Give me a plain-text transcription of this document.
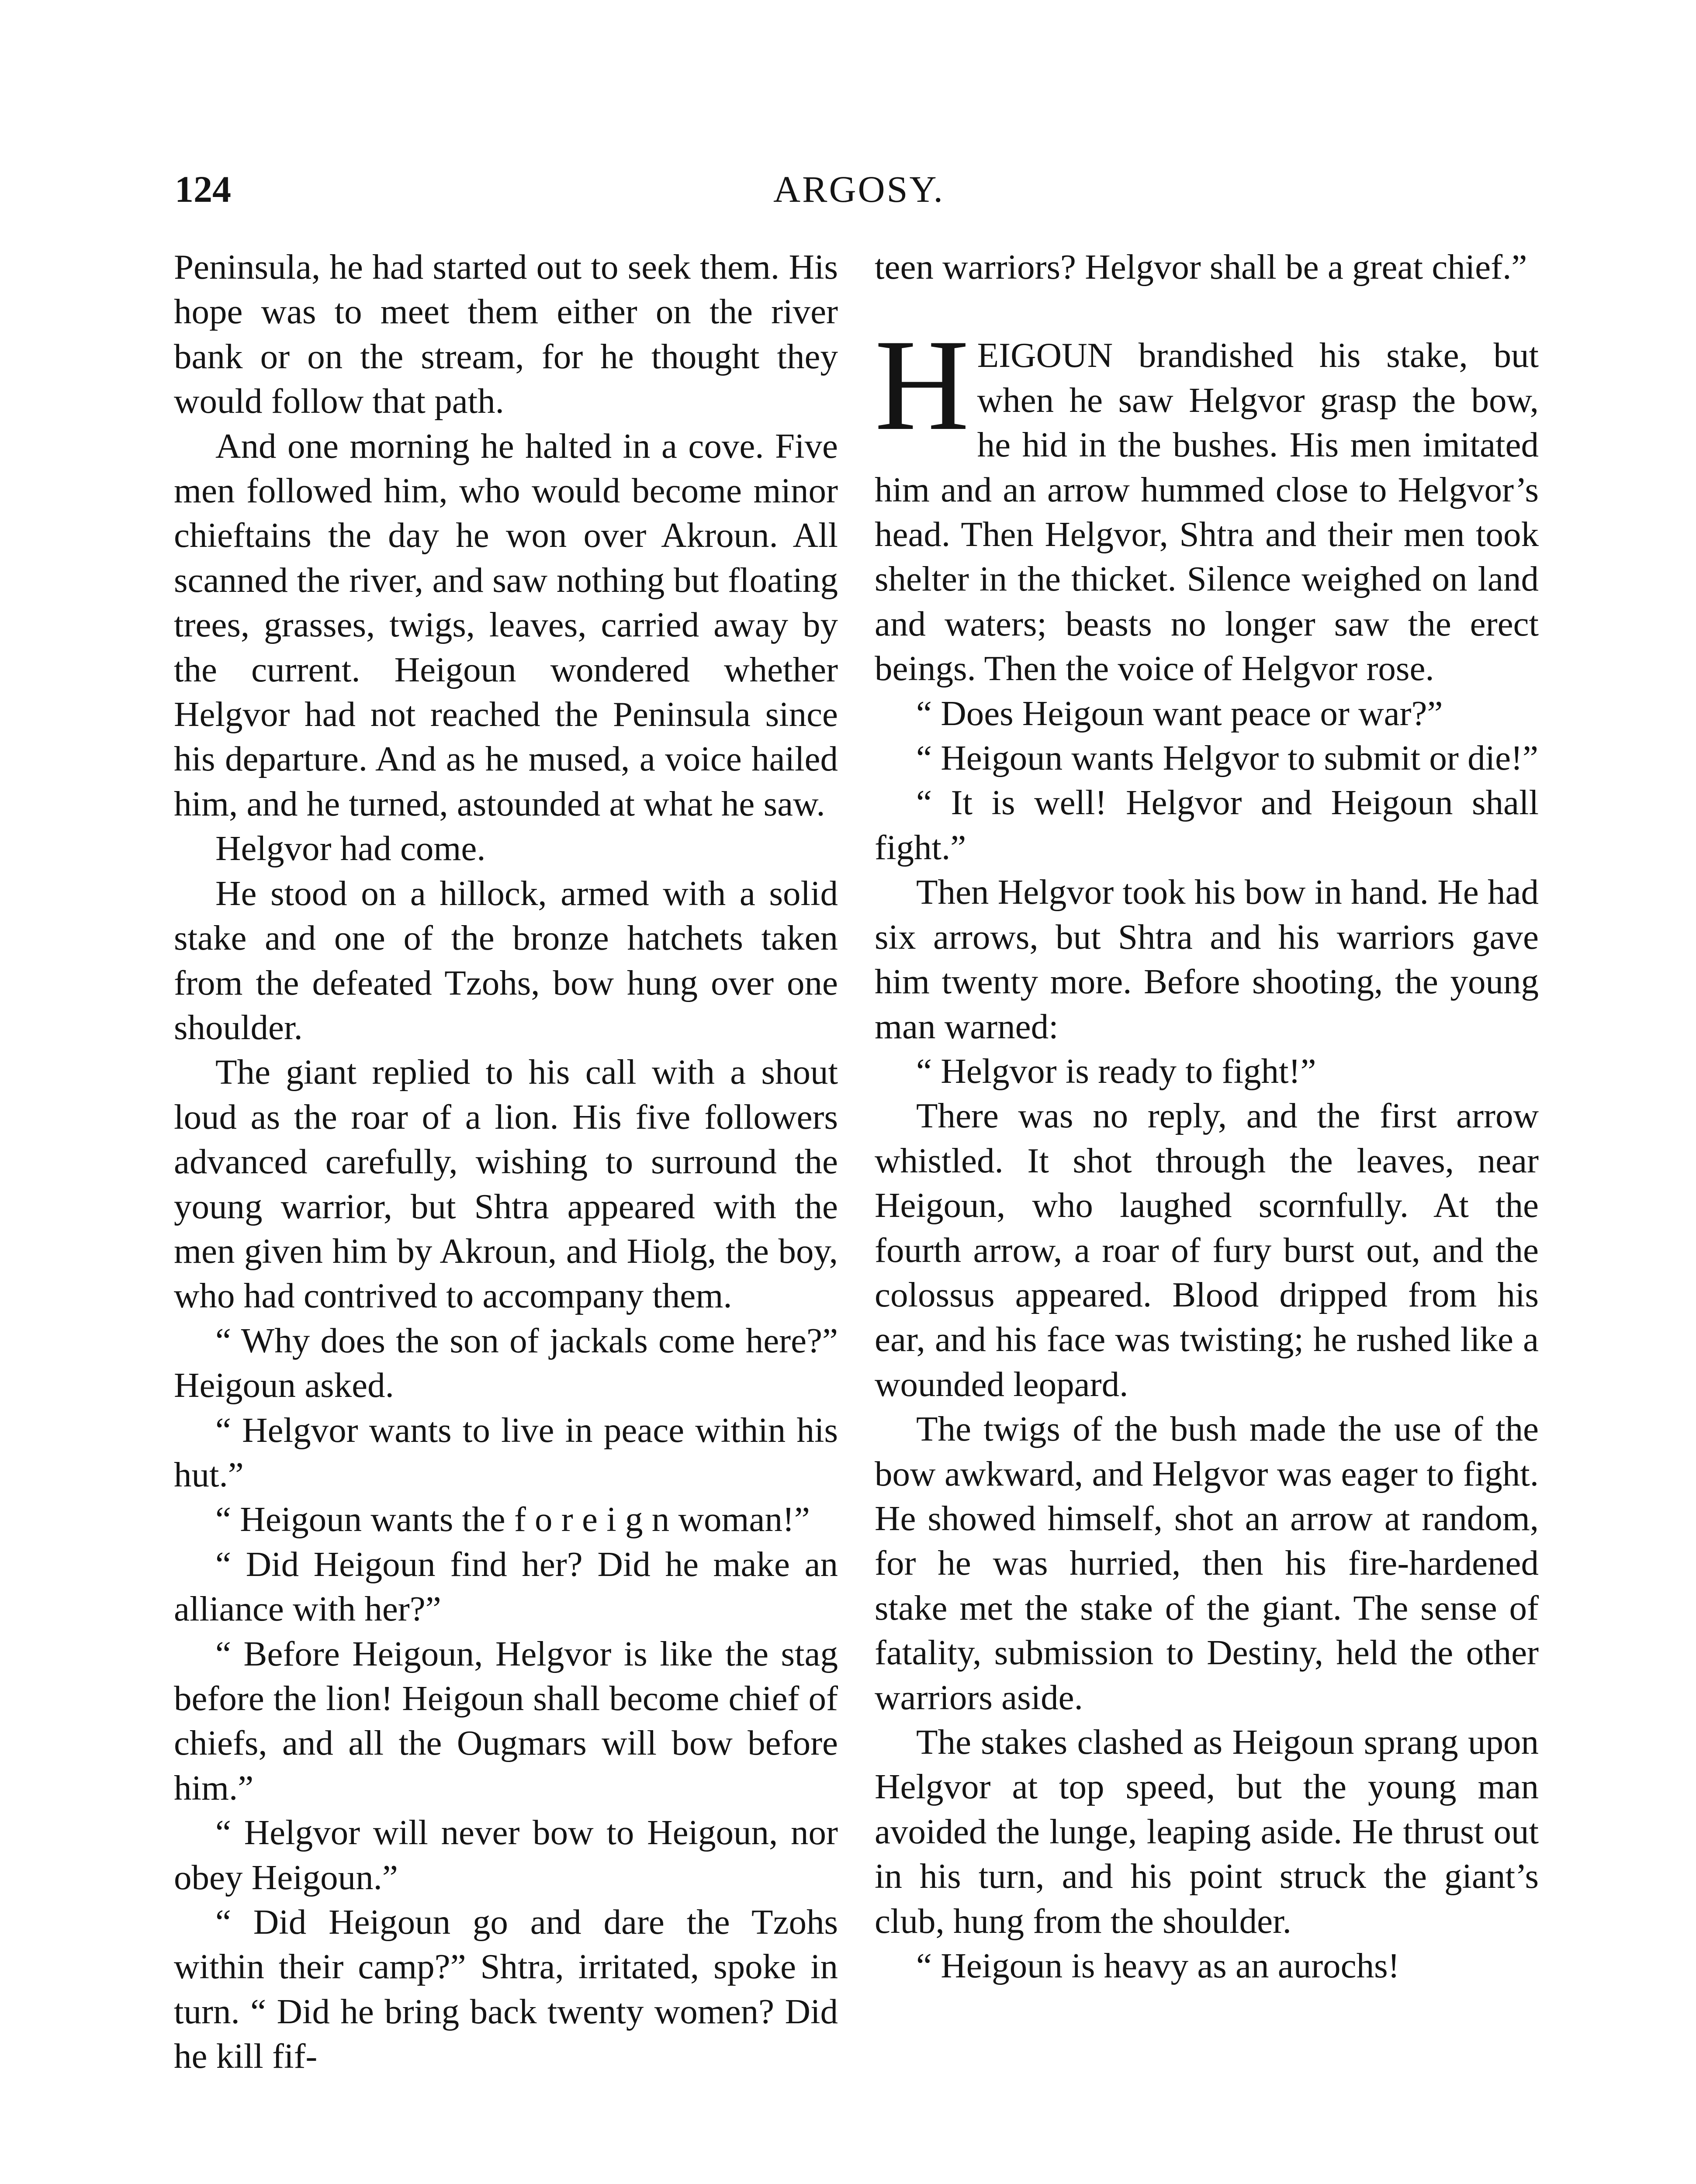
124	ARGOSY.

Peninsula, he had started out to seek them. His hope was to meet them either on the river bank or on the stream, for he thought they would follow that path.

And one morning he halted in a cove. Five men followed him, who would become minor chieftains the day he won over Akroun. All scanned the river, and saw nothing but floating trees, grasses, twigs, leaves, carried away by the current. Heigoun wondered whether Helgvor had not reached the Peninsula since his departure. And as he mused, a voice hailed him, and he turned, astounded at what he saw.

Helgvor had come.

He stood on a hillock, armed with a solid stake and one of the bronze hatchets taken from the defeated Tzohs, bow hung over one shoulder.

The giant replied to his call with a shout loud as the roar of a lion. His five followers advanced carefully, wishing to surround the young warrior, but Shtra appeared with the men given him by Akroun, and Hiolg, the boy, who had contrived to accompany them.

“ Why does the son of jackals come here?” Heigoun asked.

“ Helgvor wants to live in peace within his hut.”

“ Heigoun wants the f o r e i g n woman!”

“ Did Heigoun find her? Did he make an alliance with her?”

“ Before Heigoun, Helgvor is like the stag before the lion! Heigoun shall become chief of chiefs, and all the Ougmars will bow before him.”

“ Helgvor will never bow to Heigoun, nor obey Heigoun.”

“ Did Heigoun go and dare the Tzohs within their camp?” Shtra, irritated, spoke in turn. “ Did he bring back twenty women? Did he kill fif-

teen warriors? Helgvor shall be a great chief.”

HEIGOUN brandished his stake, but when he saw Helgvor grasp the bow, he hid in the bushes. His men imitated him and an arrow hummed close to Helgvor’s head. Then Helgvor, Shtra and their men took shelter in the thicket. Silence weighed on land and waters; beasts no longer saw the erect beings. Then the voice of Helgvor rose.

“ Does Heigoun want peace or war?”

“ Heigoun wants Helgvor to submit or die!”

“ It is well! Helgvor and Heigoun shall fight.”

Then Helgvor took his bow in hand. He had six arrows, but Shtra and his warriors gave him twenty more. Before shooting, the young man warned:

“ Helgvor is ready to fight!”

There was no reply, and the first arrow whistled. It shot through the leaves, near Heigoun, who laughed scornfully. At the fourth arrow, a roar of fury burst out, and the colossus appeared. Blood dripped from his ear, and his face was twisting; he rushed like a wounded leopard.

The twigs of the bush made the use of the bow awkward, and Helgvor was eager to fight. He showed himself, shot an arrow at random, for he was hurried, then his fire-hardened stake met the stake of the giant. The sense of fatality, submission to Destiny, held the other warriors aside.

The stakes clashed as Heigoun sprang upon Helgvor at top speed, but the young man avoided the lunge, leaping aside. He thrust out in his turn, and his point struck the giant’s club, hung from the shoulder.

“ Heigoun is heavy as an aurochs!
